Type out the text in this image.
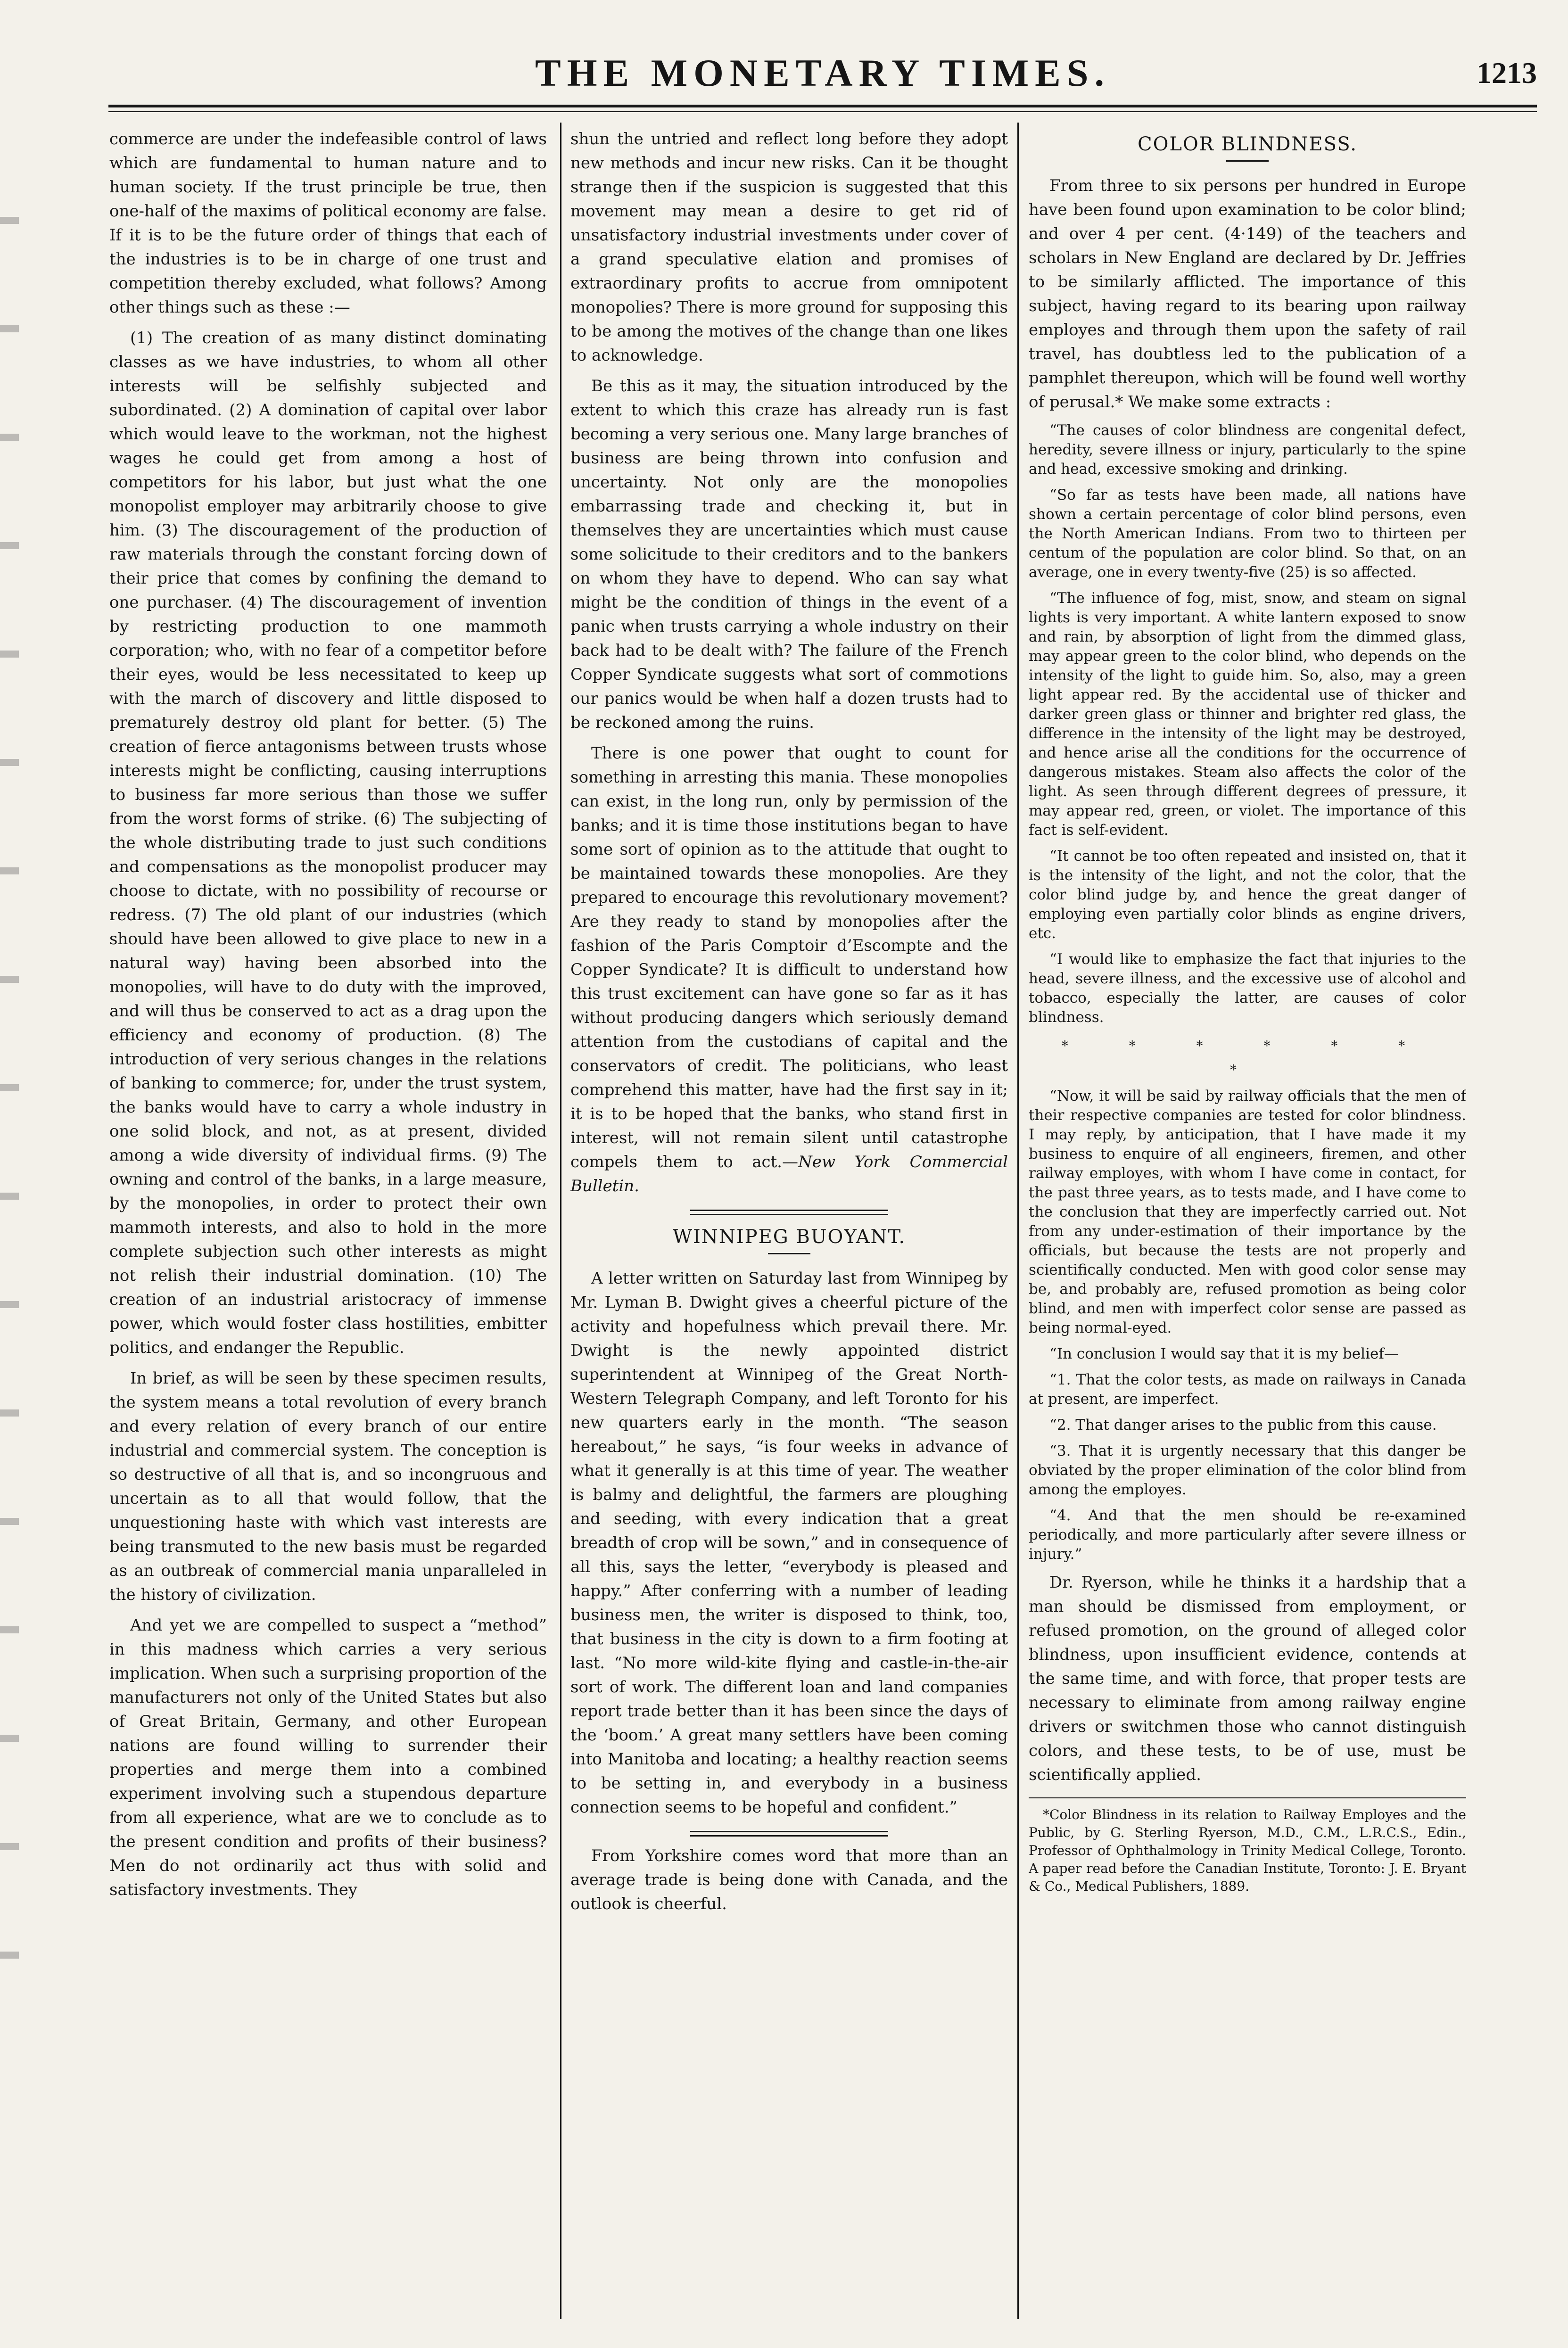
THE MONETARY TIMES.	1213

commerce are under the indefeasible control of laws which are fundamental to human nature and to human society. If the trust principle be true, then one-half of the maxims of political economy are false. If it is to be the future order of things that each of the industries is to be in charge of one trust and competition thereby excluded, what follows? Among other things such as these :—

(1) The creation of as many distinct dominating classes as we have industries, to whom all other interests will be selfishly subjected and subordinated. (2) A domination of capital over labor which would leave to the workman, not the highest wages he could get from among a host of competitors for his labor, but just what the one monopolist employer may arbitrarily choose to give him. (3) The discouragement of the production of raw materials through the constant forcing down of their price that comes by confining the demand to one purchaser. (4) The discouragement of invention by restricting production to one mammoth corporation; who, with no fear of a competitor before their eyes, would be less necessitated to keep up with the march of discovery and little disposed to prematurely destroy old plant for better. (5) The creation of fierce antagonisms between trusts whose interests might be conflicting, causing interruptions to business far more serious than those we suffer from the worst forms of strike. (6) The subjecting of the whole distributing trade to just such conditions and compensations as the monopolist producer may choose to dictate, with no possibility of recourse or redress. (7) The old plant of our industries (which should have been allowed to give place to new in a natural way) having been absorbed into the monopolies, will have to do duty with the improved, and will thus be conserved to act as a drag upon the efficiency and economy of production. (8) The introduction of very serious changes in the relations of banking to commerce; for, under the trust system, the banks would have to carry a whole industry in one solid block, and not, as at present, divided among a wide diversity of individual firms. (9) The owning and control of the banks, in a large measure, by the monopolies, in order to protect their own mammoth interests, and also to hold in the more complete subjection such other interests as might not relish their industrial domination. (10) The creation of an industrial aristocracy of immense power, which would foster class hostilities, embitter politics, and endanger the Republic.

In brief, as will be seen by these specimen results, the system means a total revolution of every branch and every relation of every branch of our entire industrial and commercial system. The conception is so destructive of all that is, and so incongruous and uncertain as to all that would follow, that the unquestioning haste with which vast interests are being transmuted to the new basis must be regarded as an outbreak of commercial mania unparalleled in the history of civilization.

And yet we are compelled to suspect a “method” in this madness which carries a very serious implication. When such a surprising proportion of the manufacturers not only of the United States but also of Great Britain, Germany, and other European nations are found willing to surrender their properties and merge them into a combined experiment involving such a stupendous departure from all experience, what are we to conclude as to the present condition and profits of their business? Men do not ordinarily act thus with solid and satisfactory investments. They

shun the untried and reflect long before they adopt new methods and incur new risks. Can it be thought strange then if the suspicion is suggested that this movement may mean a desire to get rid of unsatisfactory industrial investments under cover of a grand speculative elation and promises of extraordinary profits to accrue from omnipotent monopolies? There is more ground for supposing this to be among the motives of the change than one likes to acknowledge.

Be this as it may, the situation introduced by the extent to which this craze has already run is fast becoming a very serious one. Many large branches of business are being thrown into confusion and uncertainty. Not only are the monopolies embarrassing trade and checking it, but in themselves they are uncertainties which must cause some solicitude to their creditors and to the bankers on whom they have to depend. Who can say what might be the condition of things in the event of a panic when trusts carrying a whole industry on their back had to be dealt with? The failure of the French Copper Syndicate suggests what sort of commotions our panics would be when half a dozen trusts had to be reckoned among the ruins.

There is one power that ought to count for something in arresting this mania. These monopolies can exist, in the long run, only by permission of the banks; and it is time those institutions began to have some sort of opinion as to the attitude that ought to be maintained towards these monopolies. Are they prepared to encourage this revolutionary movement? Are they ready to stand by monopolies after the fashion of the Paris Comptoir d’Escompte and the Copper Syndicate? It is difficult to understand how this trust excitement can have gone so far as it has without producing dangers which seriously demand attention from the custodians of capital and the conservators of credit. The politicians, who least comprehend this matter, have had the first say in it; it is to be hoped that the banks, who stand first in interest, will not remain silent until catastrophe compels them to act.—New York Commercial Bulletin.

WINNIPEG BUOYANT.

A letter written on Saturday last from Winnipeg by Mr. Lyman B. Dwight gives a cheerful picture of the activity and hopefulness which prevail there. Mr. Dwight is the newly appointed district superintendent at Winnipeg of the Great North-Western Telegraph Company, and left Toronto for his new quarters early in the month. “The season hereabout,” he says, “is four weeks in advance of what it generally is at this time of year. The weather is balmy and delightful, the farmers are ploughing and seeding, with every indication that a great breadth of crop will be sown,” and in consequence of all this, says the letter, “everybody is pleased and happy.” After conferring with a number of leading business men, the writer is disposed to think, too, that business in the city is down to a firm footing at last. “No more wild-kite flying and castle-in-the-air sort of work. The different loan and land companies report trade better than it has been since the days of the ‘boom.’ A great many settlers have been coming into Manitoba and locating; a healthy reaction seems to be setting in, and everybody in a business connection seems to be hopeful and confident.”

From Yorkshire comes word that more than an average trade is being done with Canada, and the outlook is cheerful.

COLOR BLINDNESS.

From three to six persons per hundred in Europe have been found upon examination to be color blind; and over 4 per cent. (4·149) of the teachers and scholars in New England are declared by Dr. Jeffries to be similarly afflicted. The importance of this subject, having regard to its bearing upon railway employes and through them upon the safety of rail travel, has doubtless led to the publication of a pamphlet thereupon, which will be found well worthy of perusal.* We make some extracts :

“The causes of color blindness are congenital defect, heredity, severe illness or injury, particularly to the spine and head, excessive smoking and drinking.

“So far as tests have been made, all nations have shown a certain percentage of color blind persons, even the North American Indians. From two to thirteen per centum of the population are color blind. So that, on an average, one in every twenty-five (25) is so affected.

“The influence of fog, mist, snow, and steam on signal lights is very important. A white lantern exposed to snow and rain, by absorption of light from the dimmed glass, may appear green to the color blind, who depends on the intensity of the light to guide him. So, also, may a green light appear red. By the accidental use of thicker and darker green glass or thinner and brighter red glass, the difference in the intensity of the light may be destroyed, and hence arise all the conditions for the occurrence of dangerous mistakes. Steam also affects the color of the light. As seen through different degrees of pressure, it may appear red, green, or violet. The importance of this fact is self-evident.

“It cannot be too often repeated and insisted on, that it is the intensity of the light, and not the color, that the color blind judge by, and hence the great danger of employing even partially color blinds as engine drivers, etc.

“I would like to emphasize the fact that injuries to the head, severe illness, and the excessive use of alcohol and tobacco, especially the latter, are causes of color blindness.

* * * * * * *

“Now, it will be said by railway officials that the men of their respective companies are tested for color blindness. I may reply, by anticipation, that I have made it my business to enquire of all engineers, firemen, and other railway employes, with whom I have come in contact, for the past three years, as to tests made, and I have come to the conclusion that they are imperfectly carried out. Not from any under-estimation of their importance by the officials, but because the tests are not properly and scientifically conducted. Men with good color sense may be, and probably are, refused promotion as being color blind, and men with imperfect color sense are passed as being normal-eyed.

“In conclusion I would say that it is my belief—

“1. That the color tests, as made on railways in Canada at present, are imperfect.

“2. That danger arises to the public from this cause.

“3. That it is urgently necessary that this danger be obviated by the proper elimination of the color blind from among the employes.

“4. And that the men should be re-examined periodically, and more particularly after severe illness or injury.”

Dr. Ryerson, while he thinks it a hardship that a man should be dismissed from employment, or refused promotion, on the ground of alleged color blindness, upon insufficient evidence, contends at the same time, and with force, that proper tests are necessary to eliminate from among railway engine drivers or switchmen those who cannot distinguish colors, and these tests, to be of use, must be scientifically applied.

*Color Blindness in its relation to Railway Employes and the Public, by G. Sterling Ryerson, M.D., C.M., L.R.C.S., Edin., Professor of Ophthalmology in Trinity Medical College, Toronto. A paper read before the Canadian Institute, Toronto: J. E. Bryant & Co., Medical Publishers, 1889.
